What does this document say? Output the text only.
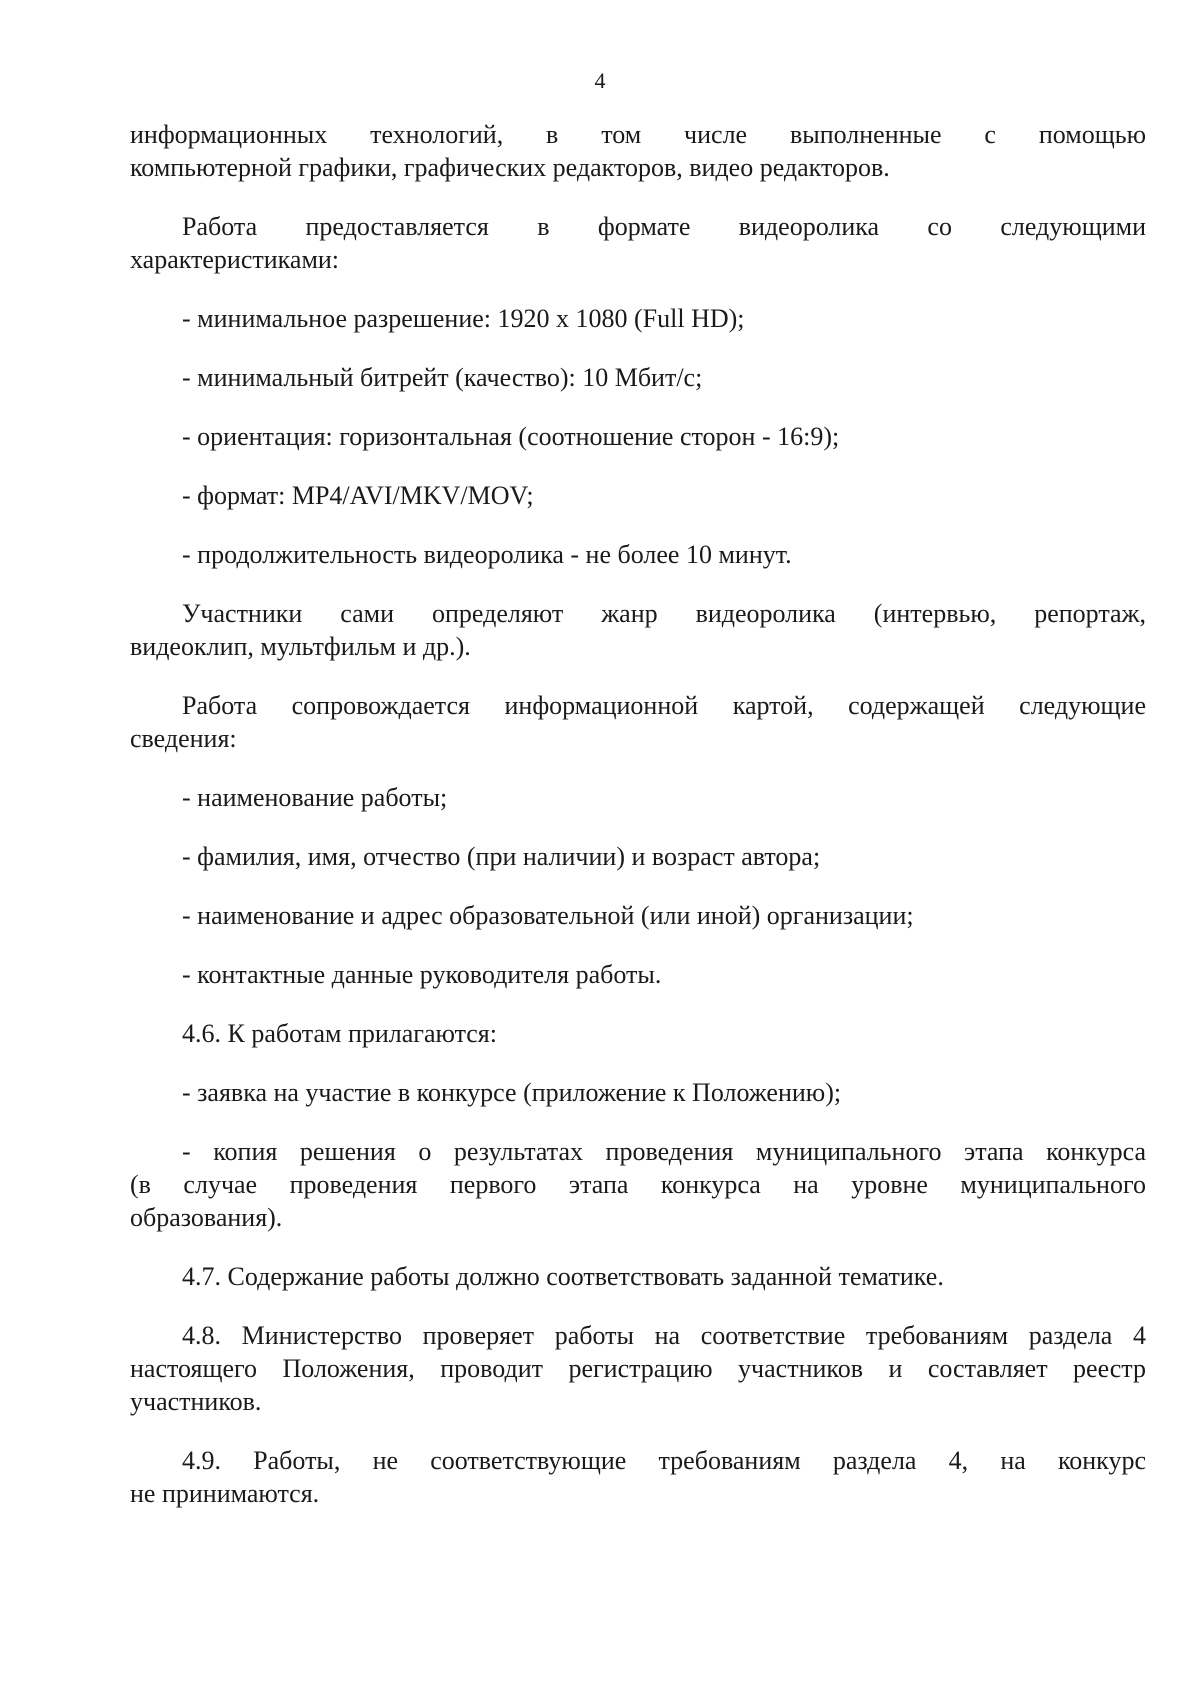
4

информационных технологий, в том числе выполненные с помощью

компьютерной графики, графических редакторов, видео редакторов.

Работа предоставляется в формате видеоролика со следующими

характеристиками:

- минимальное разрешение: 1920 x 1080 (Full HD);

- минимальный битрейт (качество): 10 Мбит/с;

- ориентация: горизонтальная (соотношение сторон - 16:9);

- формат: MP4/AVI/MKV/MOV;

- продолжительность видеоролика - не более 10 минут.

Участники сами определяют жанр видеоролика (интервью, репортаж,

видеоклип, мультфильм и др.).

Работа сопровождается информационной картой, содержащей следующие

сведения:

- наименование работы;

- фамилия, имя, отчество (при наличии) и возраст автора;

- наименование и адрес образовательной (или иной) организации;

- контактные данные руководителя работы.

4.6. К работам прилагаются:

- заявка на участие в конкурсе (приложение к Положению);

- копия решения о результатах проведения муниципального этапа конкурса

(в случае проведения первого этапа конкурса на уровне муниципального

образования).

4.7. Содержание работы должно соответствовать заданной тематике.

4.8. Министерство проверяет работы на соответствие требованиям раздела 4

настоящего Положения, проводит регистрацию участников и составляет реестр

участников.

4.9. Работы, не соответствующие требованиям раздела 4, на конкурс

не принимаются.
